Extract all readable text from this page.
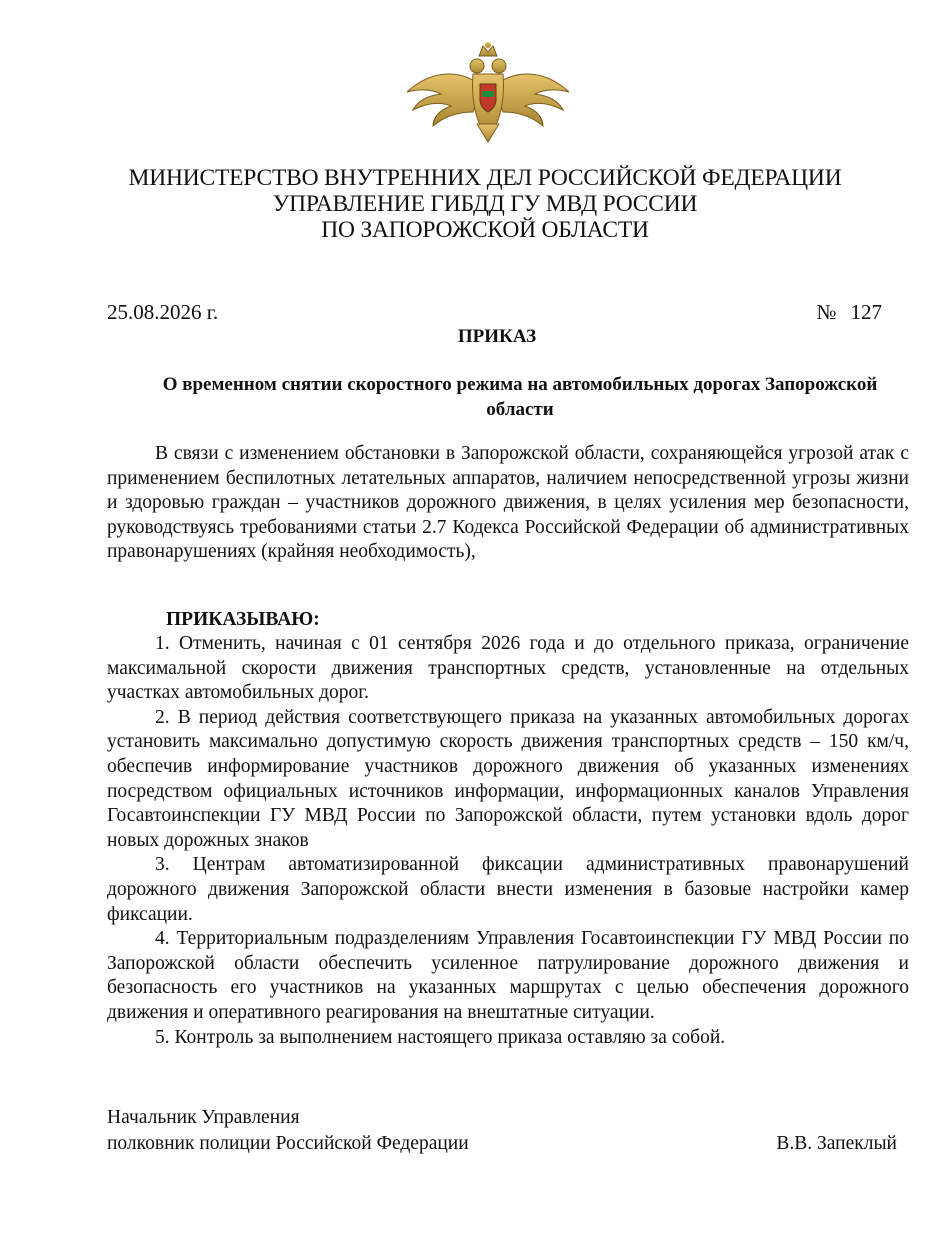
МИНИСТЕРСТВО ВНУТРЕННИХ ДЕЛ РОССИЙСКОЙ ФЕДЕРАЦИИ
УПРАВЛЕНИЕ ГИБДД ГУ МВД РОССИИ
ПО ЗАПОРОЖСКОЙ ОБЛАСТИ
25.08.2026 г.	№ 127
ПРИКАЗ
О временном снятии скоростного режима на автомобильных дорогах Запорожской области

В связи с изменением обстановки в Запорожской области, сохраняющейся угрозой атак с применением беспилотных летательных аппаратов, наличием непосредственной угрозы жизни и здоровью граждан – участников дорожного движения, в целях усиления мер безопасности, руководствуясь требованиями статьи 2.7 Кодекса Российской Федерации об административных правонарушениях (крайняя необходимость),

ПРИКАЗЫВАЮ:

1. Отменить, начиная с 01 сентября 2026 года и до отдельного приказа, ограничение максимальной скорости движения транспортных средств, установленные на отдельных участках автомобильных дорог.

2. В период действия соответствующего приказа на указанных автомобильных дорогах установить максимально допустимую скорость движения транспортных средств – 150 км/ч, обеспечив информирование участников дорожного движения об указанных изменениях посредством официальных источников информации, информационных каналов Управления Госавтоинспекции ГУ МВД России по Запорожской области, путем установки вдоль дорог новых дорожных знаков

3. Центрам автоматизированной фиксации административных правонарушений дорожного движения Запорожской области внести изменения в базовые настройки камер фиксации.

4. Территориальным подразделениям Управления Госавтоинспекции ГУ МВД России по Запорожской области обеспечить усиленное патрулирование дорожного движения и безопасность его участников на указанных маршрутах с целью обеспечения дорожного движения и оперативного реагирования на внештатные ситуации.

5. Контроль за выполнением настоящего приказа оставляю за собой.

Начальник Управления
полковник полиции Российской Федерации	В.В. Запеклый
